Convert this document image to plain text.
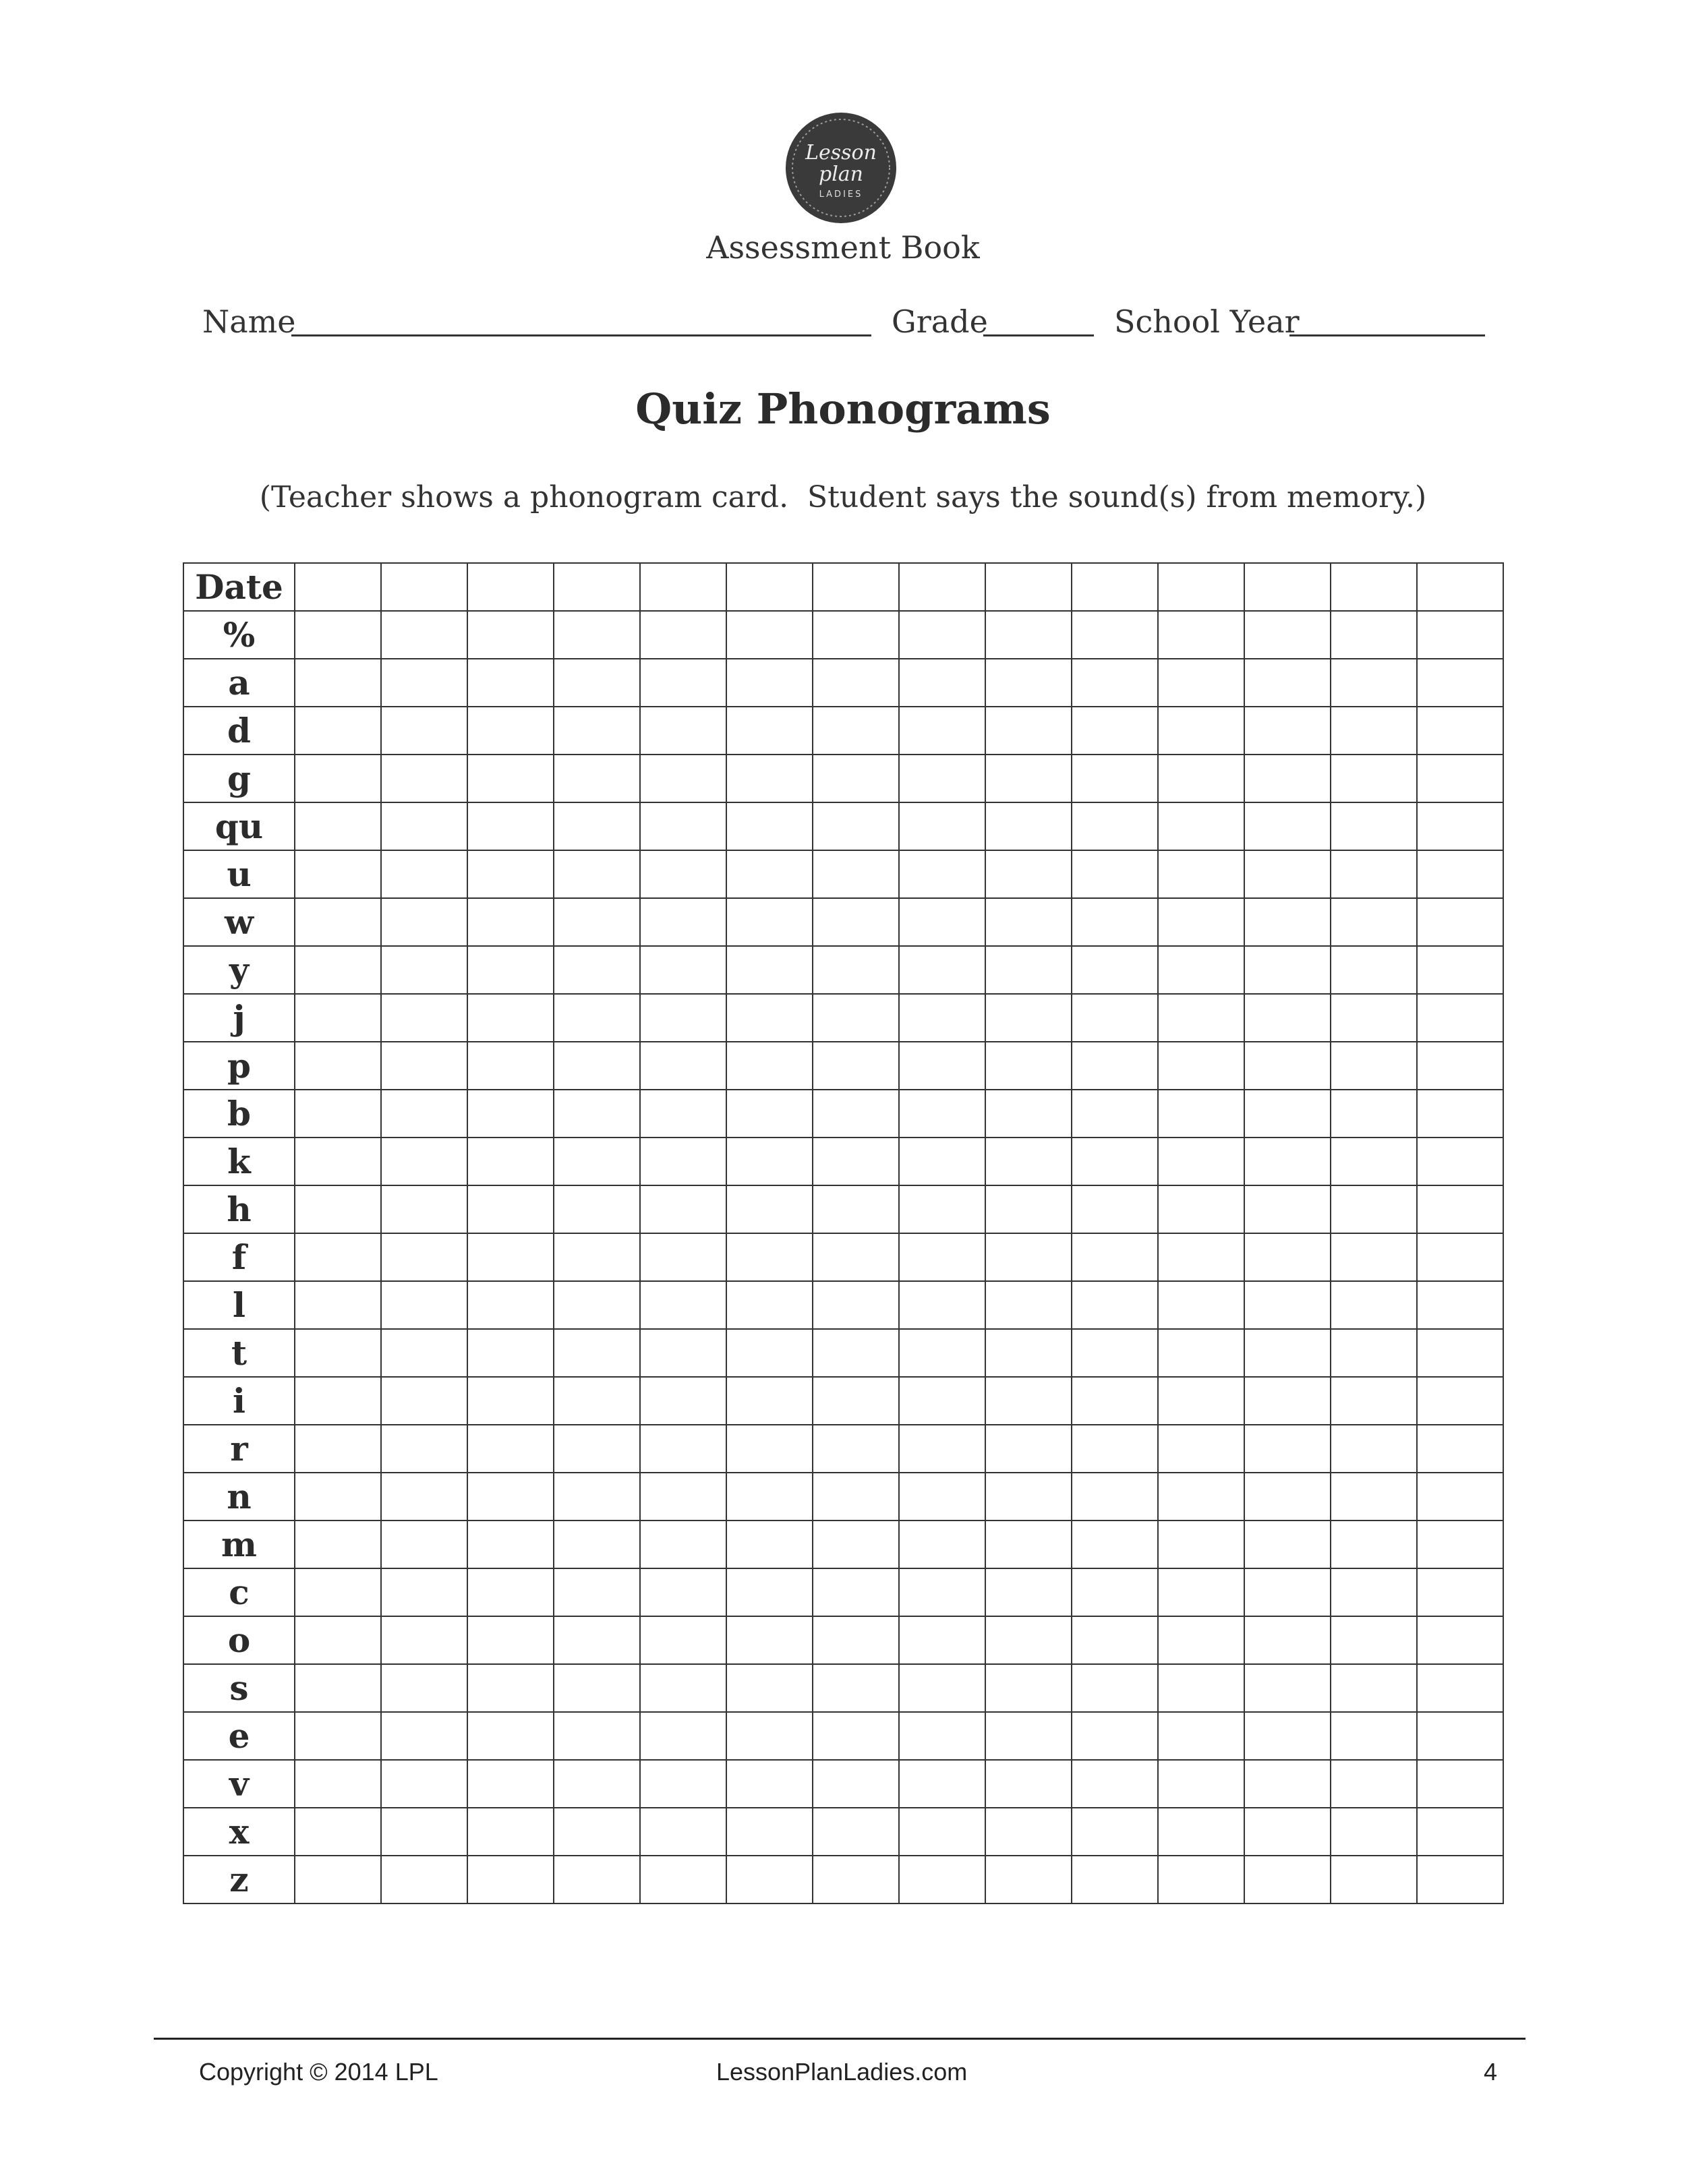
Lesson
plan
LADIES
Assessment Book
Name	Grade	School Year
Quiz Phonograms
(Teacher shows a phonogram card.  Student says the sound(s) from memory.)
Date														
%														
a														
d														
g														
qu														
u														
w														
y														
j														
p														
b														
k														
h														
f														
l														
t														
i														
r														
n														
m														
c														
o														
s														
e														
v														
x														
z														
Copyright © 2014 LPL	LessonPlanLadies.com	4
